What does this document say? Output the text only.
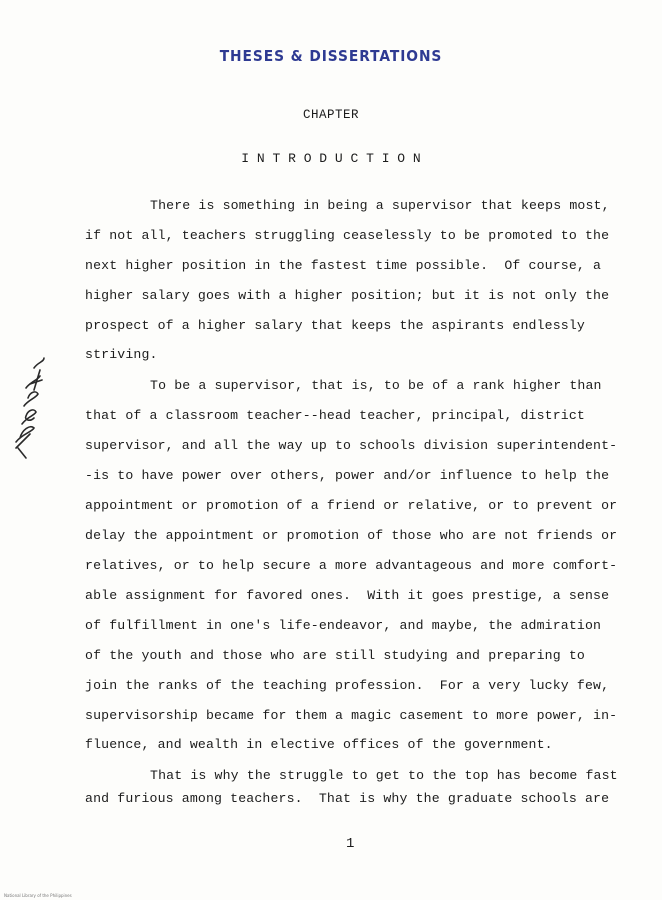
THESES & DISSERTATIONS
CHAPTER
I N T R O D U C T I O N
There is something in being a supervisor that keeps most,
if not all, teachers struggling ceaselessly to be promoted to the
next higher position in the fastest time possible.  Of course, a
higher salary goes with a higher position; but it is not only the
prospect of a higher salary that keeps the aspirants endlessly
striving.
To be a supervisor, that is, to be of a rank higher than
that of a classroom teacher--head teacher, principal, district
supervisor, and all the way up to schools division superintendent-
-is to have power over others, power and/or influence to help the
appointment or promotion of a friend or relative, or to prevent or
delay the appointment or promotion of those who are not friends or
relatives, or to help secure a more advantageous and more comfort-
able assignment for favored ones.  With it goes prestige, a sense
of fulfillment in one's life-endeavor, and maybe, the admiration
of the youth and those who are still studying and preparing to
join the ranks of the teaching profession.  For a very lucky few,
supervisorship became for them a magic casement to more power, in-
fluence, and wealth in elective offices of the government.
That is why the struggle to get to the top has become fast
and furious among teachers.  That is why the graduate schools are
1
National Library of the Philippines
